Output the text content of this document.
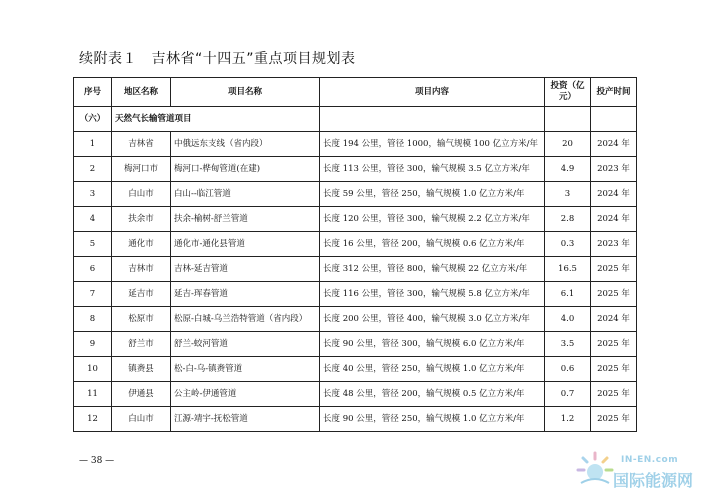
续附表１　吉林省“十四五”重点项目规划表
序号	地区名称	项目名称	项目内容	投资（亿元）	投产时间
（六）	天然气长输管道项目				
1	吉林省	中俄远东支线（省内段）	长度 194 公里，管径 1000，输气规模 100 亿立方米/年	20	2024 年
2	梅河口市	梅河口-桦甸管道(在建)	长度 113 公里，管径 300，输气规模 3.5 亿立方米/年	4.9	2023 年
3	白山市	白山--临江管道	长度 59 公里，管径 250，输气规模 1.0 亿立方米/年	3	2024 年
4	扶余市	扶余-榆树-舒兰管道	长度 120 公里，管径 300，输气规模 2.2 亿立方米/年	2.8	2024 年
5	通化市	通化市-通化县管道	长度 16 公里，管径 200，输气规模 0.6 亿立方米/年	0.3	2023 年
6	吉林市	吉林-延吉管道	长度 312 公里，管径 800，输气规模 22 亿立方米/年	16.5	2025 年
7	延吉市	延吉-珲春管道	长度 116 公里，管径 300，输气规模 5.8 亿立方米/年	6.1	2025 年
8	松原市	松原-白城-乌兰浩特管道（省内段）	长度 200 公里，管径 400，输气规模 3.0 亿立方米/年	4.0	2024 年
9	舒兰市	舒兰-蛟河管道	长度 90 公里，管径 300，输气规模 6.0 亿立方米/年	3.5	2025 年
10	镇赉县	松-白-乌-镇赉管道	长度 40 公里，管径 250，输气规模 1.0 亿立方米/年	0.6	2025 年
11	伊通县	公主岭-伊通管道	长度 48 公里，管径 200，输气规模 0.5 亿立方米/年	0.7	2025 年
12	白山市	江源-靖宇-抚松管道	长度 90 公里，管径 250，输气规模 1.0 亿立方米/年	1.2	2025 年
— 38 —	IN-EN.com
国际能源网
